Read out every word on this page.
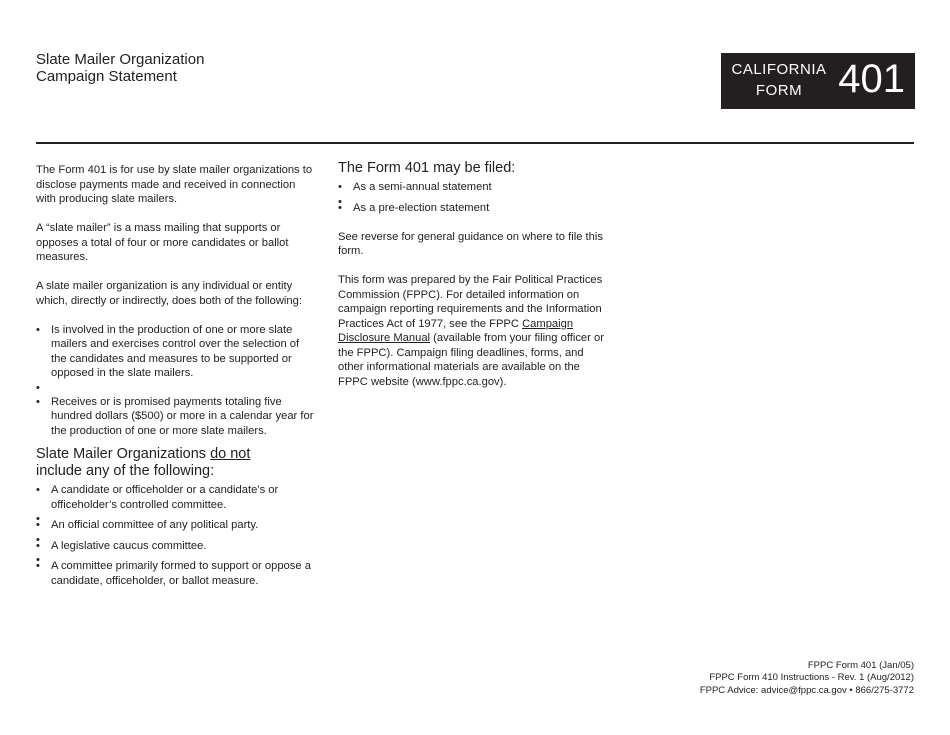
Slate Mailer Organization
Campaign Statement	CALIFORNIA
FORM 401

The Form 401 is for use by slate mailer organizations to disclose payments made and received in connection with producing slate mailers.

A “slate mailer” is a mass mailing that supports or opposes a total of four or more candidates or ballot measures.

A slate mailer organization is any individual or entity which, directly or indirectly, does both of the following:

• Is involved in the production of one or more slate mailers and exercises control over the selection of the candidates and measures to be supported or opposed in the slate mailers.
•
• Receives or is promised payments totaling five hundred dollars ($500) or more in a calendar year for the production of one or more slate mailers.

Slate Mailer Organizations do not
include any of the following:

• A candidate or officeholder or a candidate’s or officeholder’s controlled committee.
•
• An official committee of any political party.
•
• A legislative caucus committee.
•
• A committee primarily formed to support or oppose a candidate, officeholder, or ballot measure.

The Form 401 may be filed:

• As a semi-annual statement
•
• As a pre-election statement

See reverse for general guidance on where to file this form.

This form was prepared by the Fair Political Practices Commission (FPPC). For detailed information on campaign reporting requirements and the Information Practices Act of 1977, see the FPPC Campaign Disclosure Manual (available from your filing officer or the FPPC). Campaign filing deadlines, forms, and other informational materials are available on the FPPC website (www.fppc.ca.gov).

FPPC Form 401 (Jan/05)
FPPC Form 410 Instructions - Rev. 1 (Aug/2012)
FPPC Advice: advice@fppc.ca.gov • 866/275-3772
